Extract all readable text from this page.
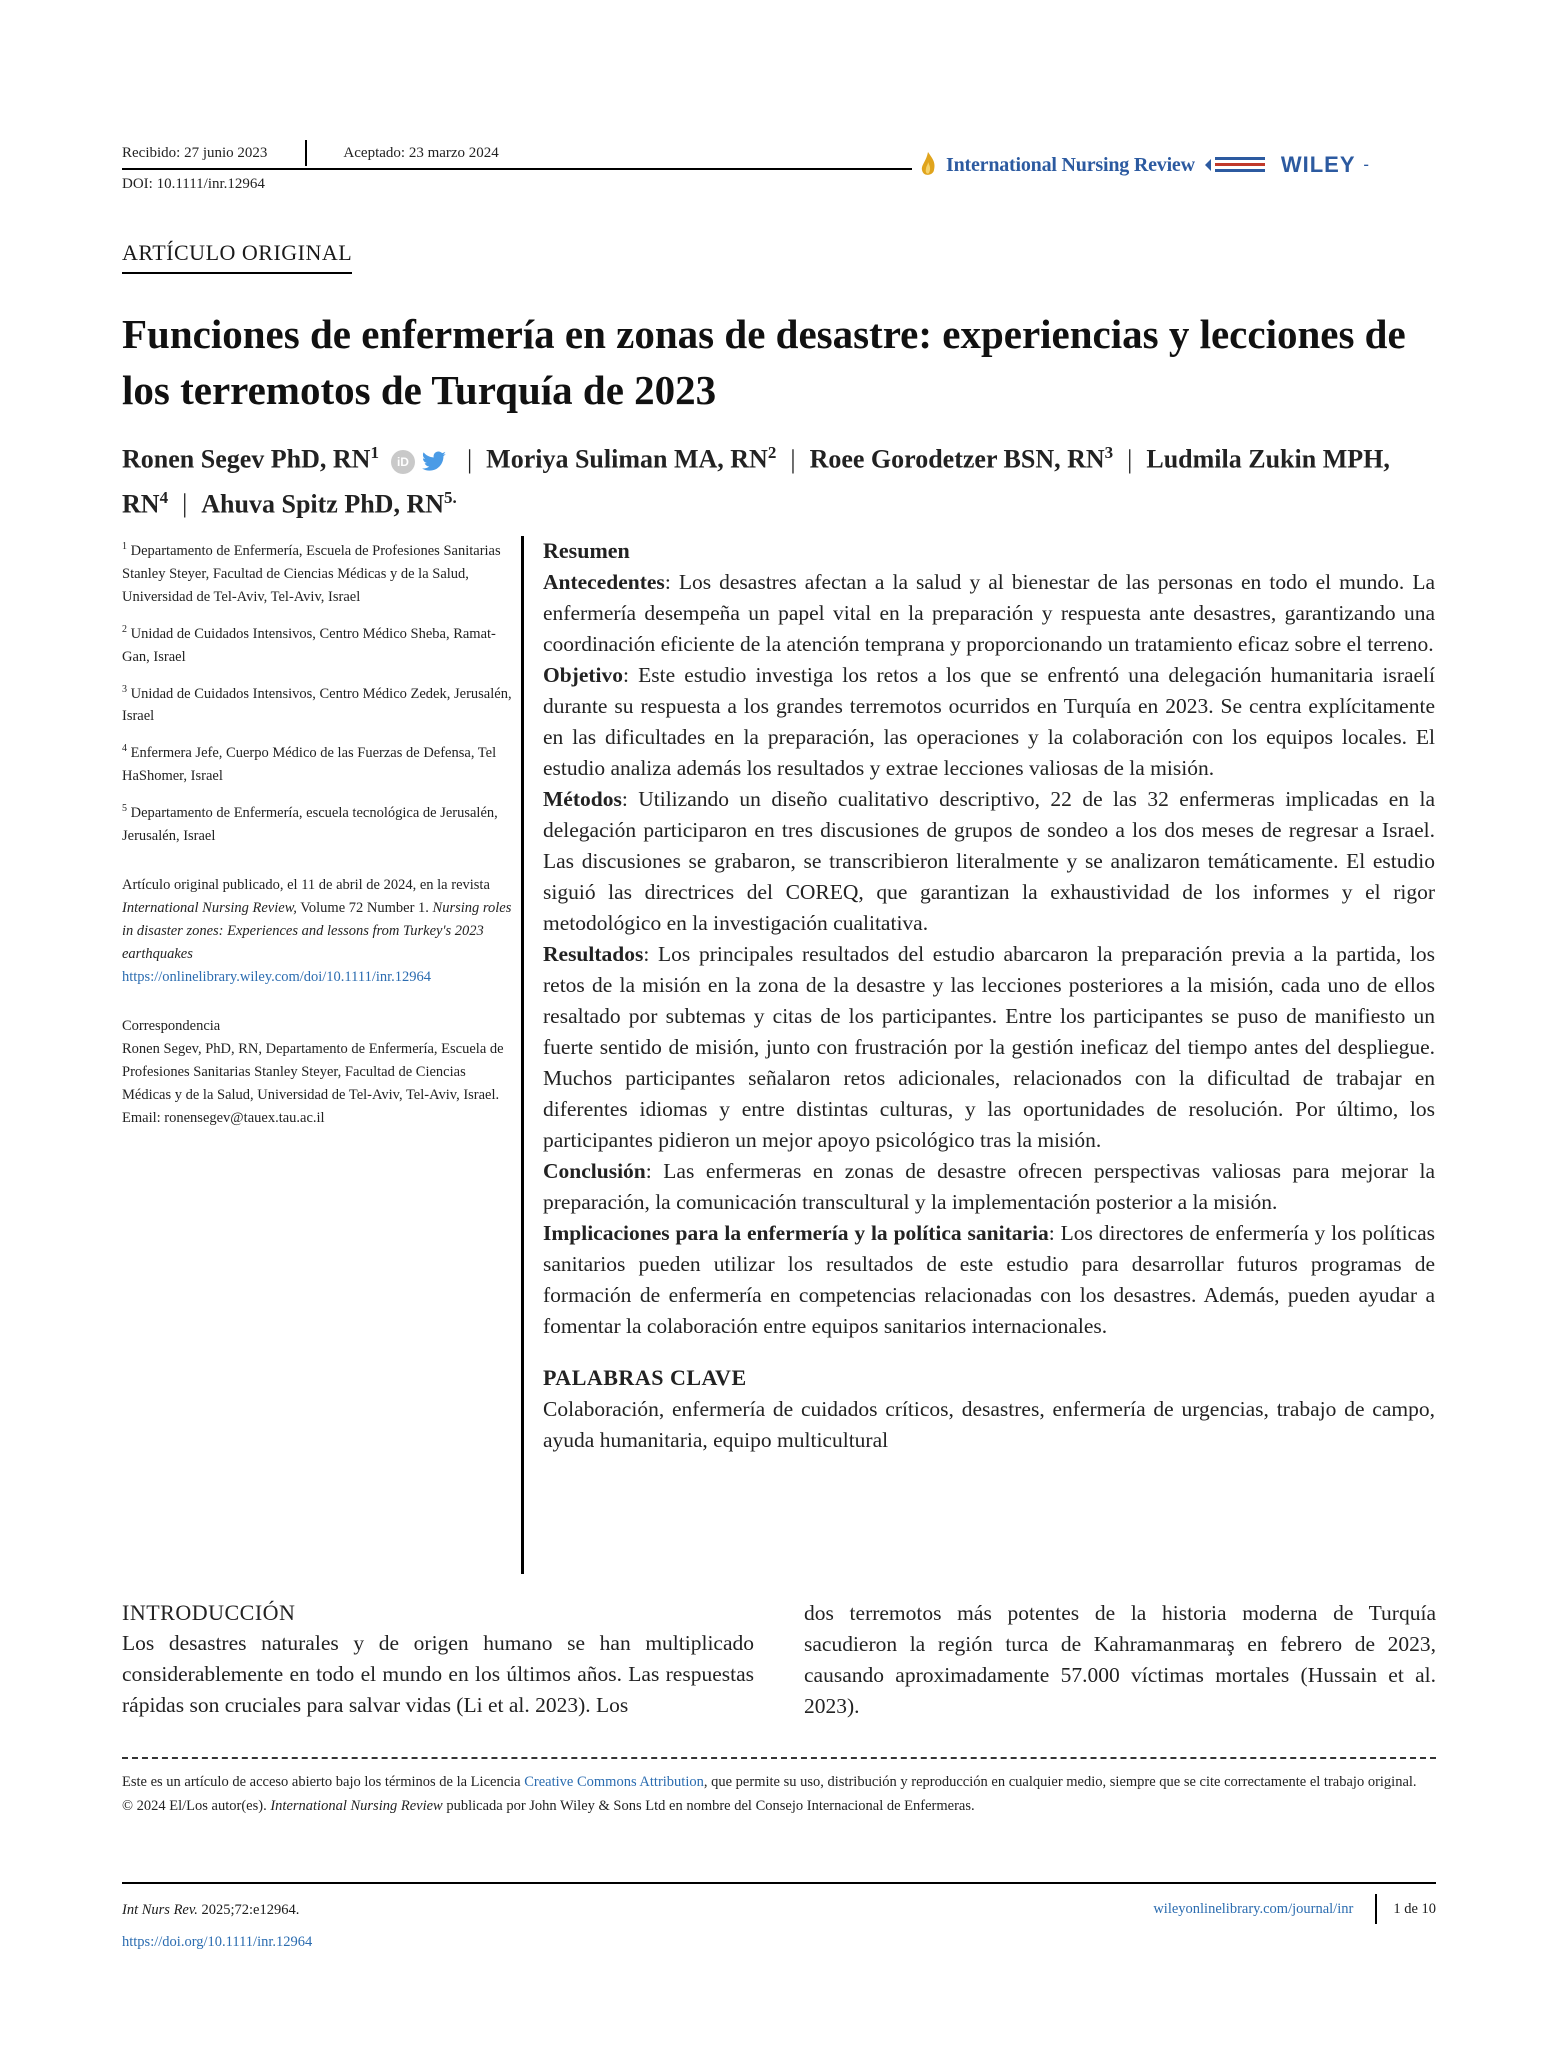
Recibido: 27 junio 2023	Aceptado: 23 marzo 2024
DOI: 10.1111/inr.12964
International Nursing Review	WILEY -
ARTÍCULO ORIGINAL
Funciones de enfermería en zonas de desastre: experiencias y lecciones de los terremotos de Turquía de 2023
Ronen Segev PhD, $RN^1$ iD | Moriya Suliman MA, $RN^2$ | Roee Gorodetzer BSN, $RN^3$ | Ludmila Zukin MPH, $RN^4$ | Ahuva Spitz PhD, $RN^{5.}$
$^1$ Departamento de Enfermería, Escuela de Profesiones Sanitarias Stanley Steyer, Facultad de Ciencias Médicas y de la Salud, Universidad de Tel-Aviv, Tel-Aviv, Israel
$^2$ Unidad de Cuidados Intensivos, Centro Médico Sheba, Ramat-Gan, Israel
$^3$ Unidad de Cuidados Intensivos, Centro Médico Zedek, Jerusalén, Israel
$^4$ Enfermera Jefe, Cuerpo Médico de las Fuerzas de Defensa, Tel HaShomer, Israel
$^5$ Departamento de Enfermería, escuela tecnológica de Jerusalén, Jerusalén, Israel
Artículo original publicado, el 11 de abril de 2024, en la revista International Nursing Review, Volume 72 Number 1. Nursing roles in disaster zones: Experiences and lessons from Turkey's 2023 earthquakes
https://onlinelibrary.wiley.com/doi/10.1111/inr.12964
Correspondencia
Ronen Segev, PhD, RN, Departamento de Enfermería, Escuela de Profesiones Sanitarias Stanley Steyer, Facultad de Ciencias Médicas y de la Salud, Universidad de Tel-Aviv, Tel-Aviv, Israel.
Email: ronensegev@tauex.tau.ac.il
Resumen

Antecedentes: Los desastres afectan a la salud y al bienestar de las personas en todo el mundo. La enfermería desempeña un papel vital en la preparación y respuesta ante desastres, garantizando una coordinación eficiente de la atención temprana y proporcionando un tratamiento eficaz sobre el terreno.

Objetivo: Este estudio investiga los retos a los que se enfrentó una delegación humanitaria israelí durante su respuesta a los grandes terremotos ocurridos en Turquía en 2023. Se centra explícitamente en las dificultades en la preparación, las operaciones y la colaboración con los equipos locales. El estudio analiza además los resultados y extrae lecciones valiosas de la misión.

Métodos: Utilizando un diseño cualitativo descriptivo, 22 de las 32 enfermeras implicadas en la delegación participaron en tres discusiones de grupos de sondeo a los dos meses de regresar a Israel. Las discusiones se grabaron, se transcribieron literalmente y se analizaron temáticamente. El estudio siguió las directrices del COREQ, que garantizan la exhaustividad de los informes y el rigor metodológico en la investigación cualitativa.

Resultados: Los principales resultados del estudio abarcaron la preparación previa a la partida, los retos de la misión en la zona de la desastre y las lecciones posteriores a la misión, cada uno de ellos resaltado por subtemas y citas de los participantes. Entre los participantes se puso de manifiesto un fuerte sentido de misión, junto con frustración por la gestión ineficaz del tiempo antes del despliegue. Muchos participantes señalaron retos adicionales, relacionados con la dificultad de trabajar en diferentes idiomas y entre distintas culturas, y las oportunidades de resolución. Por último, los participantes pidieron un mejor apoyo psicológico tras la misión.

Conclusión: Las enfermeras en zonas de desastre ofrecen perspectivas valiosas para mejorar la preparación, la comunicación transcultural y la implementación posterior a la misión.

Implicaciones para la enfermería y la política sanitaria: Los directores de enfermería y los políticas sanitarios pueden utilizar los resultados de este estudio para desarrollar futuros programas de formación de enfermería en competencias relacionadas con los desastres. Además, pueden ayudar a fomentar la colaboración entre equipos sanitarios internacionales.

PALABRAS CLAVE

Colaboración, enfermería de cuidados críticos, desastres, enfermería de urgencias, trabajo de campo, ayuda humanitaria, equipo multicultural

INTRODUCCIÓN
Los desastres naturales y de origen humano se han multiplicado considerablemente en todo el mundo en los últimos años. Las respuestas rápidas son cruciales para salvar vidas (Li et al. 2023). Los
dos terremotos más potentes de la historia moderna de Turquía sacudieron la región turca de Kahramanmaraş en febrero de 2023, causando aproximadamente 57.000 víctimas mortales (Hussain et al. 2023).
Este es un artículo de acceso abierto bajo los términos de la Licencia Creative Commons Attribution, que permite su uso, distribución y reproducción en cualquier medio, siempre que se cite correctamente el trabajo original.
© 2024 El/Los autor(es). International Nursing Review publicada por John Wiley & Sons Ltd en nombre del Consejo Internacional de Enfermeras.
Int Nurs Rev. 2025;72:e12964.
https://doi.org/10.1111/inr.12964
wileyonlinelibrary.com/journal/inr	1 de 10
